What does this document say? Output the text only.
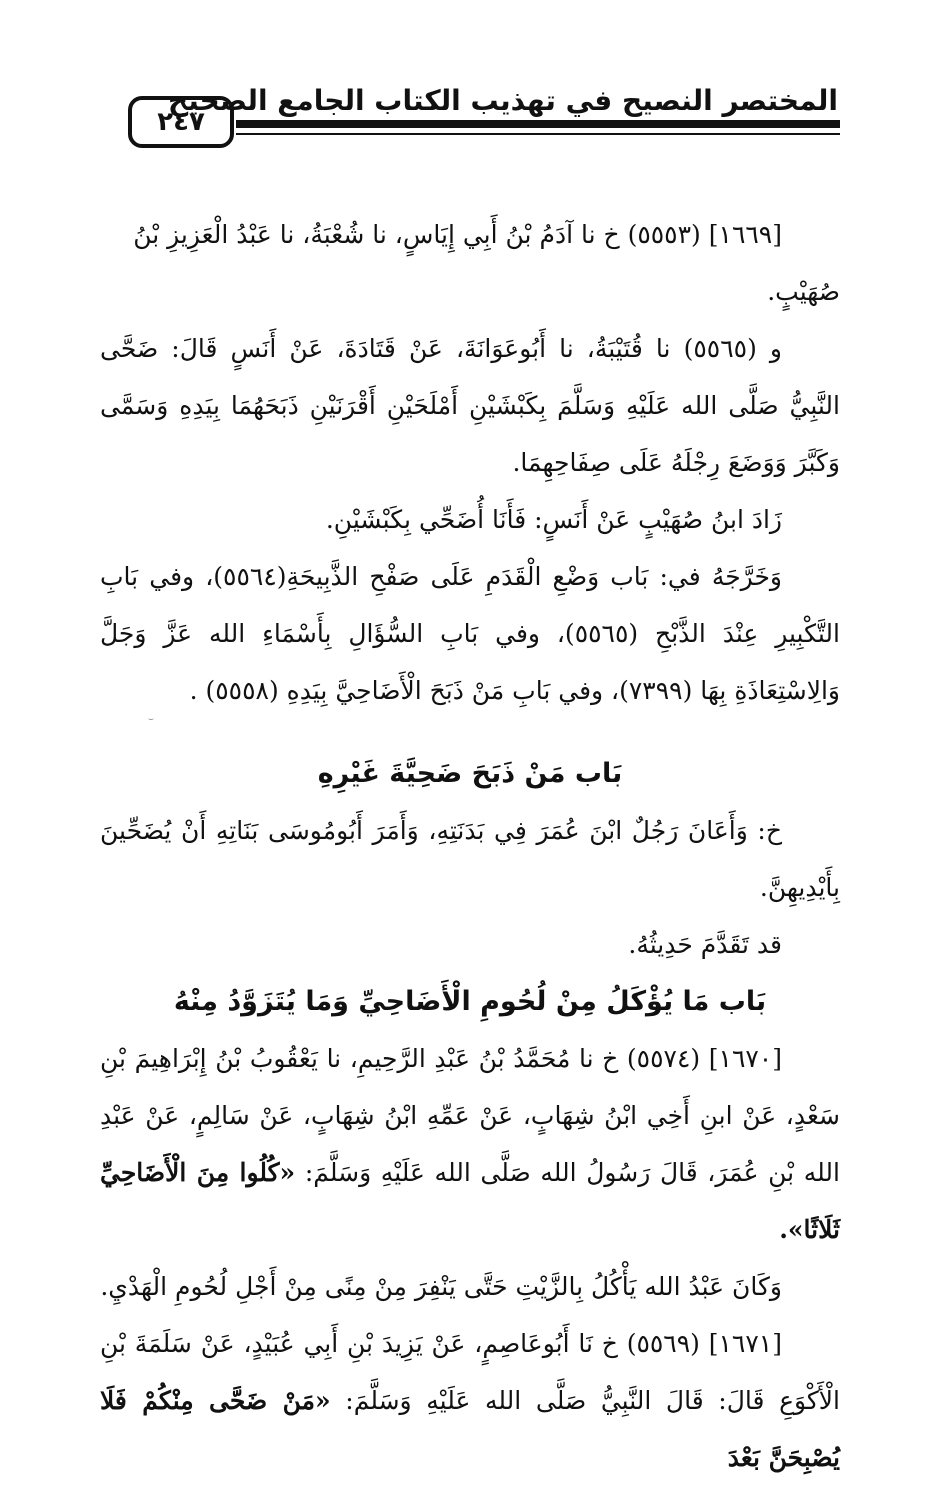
المختصر النصيح في تهذيب الكتاب الجامع الصحيح
٢٤٧

[١٦٦٩] (٥٥٥٣) خ نا آدَمُ بْنُ أَبِي إِيَاسٍ، نا شُعْبَةُ، نا عَبْدُ الْعَزِيزِ بْنُ

صُهَيْبٍ.

و (٥٥٦٥) نا قُتَيْبَةُ، نا أَبُوعَوَانَةَ، عَنْ قَتَادَةَ، عَنْ أَنَسٍ قَالَ: ضَحَّى النَّبِيُّ صَلَّى الله عَلَيْهِ وَسَلَّمَ بِكَبْشَيْنِ أَمْلَحَيْنِ أَقْرَنَيْنِ ذَبَحَهُمَا بِيَدِهِ وَسَمَّى وَكَبَّرَ وَوَضَعَ رِجْلَهُ عَلَى صِفَاحِهِمَا.

زَادَ ابنُ صُهَيْبٍ عَنْ أَنَسٍ: فَأَنَا أُضَحِّي بِكَبْشَيْنِ.

وَخَرَّجَهُ في: بَاب وَضْعِ الْقَدَمِ عَلَى صَفْحِ الذَّبِيحَةِ(٥٥٦٤)، وفي بَابِ التَّكْبِيرِ عِنْدَ الذَّبْحِ (٥٥٦٥)، وفي بَابِ السُّؤَالِ بِأَسْمَاءِ الله عَزَّ وَجَلَّ وَالِاسْتِعَاذَةِ بِهَا (٧٣٩٩)، وفي بَابِ مَنْ ذَبَحَ الْأَضَاحِيَّ بِيَدِهِ (٥٥٥٨) .

بَاب مَنْ ذَبَحَ ضَحِيَّةَ غَيْرِهِ

خ: وَأَعَانَ رَجُلٌ ابْنَ عُمَرَ فِي بَدَنَتِهِ، وَأَمَرَ أَبُومُوسَى بَنَاتِهِ أَنْ يُضَحِّينَ بِأَيْدِيهِنَّ.

قد تَقَدَّمَ حَدِيثُهُ.

بَاب مَا يُؤْكَلُ مِنْ لُحُومِ الْأَضَاحِيِّ وَمَا يُتَزَوَّدُ مِنْهُ

[١٦٧٠] (٥٥٧٤) خ نا مُحَمَّدُ بْنُ عَبْدِ الرَّحِيمِ، نا يَعْقُوبُ بْنُ إِبْرَاهِيمَ بْنِ سَعْدٍ، عَنْ ابنِ أَخِي ابْنُ شِهَابٍ، عَنْ عَمِّهِ ابْنُ شِهَابٍ، عَنْ سَالِمٍ، عَنْ عَبْدِ الله بْنِ عُمَرَ، قَالَ رَسُولُ الله صَلَّى الله عَلَيْهِ وَسَلَّمَ: «كُلُوا مِنَ الْأَضَاحِيِّ ثَلَاثًا».

وَكَانَ عَبْدُ الله يَأْكُلُ بِالزَّيْتِ حَتَّى يَنْفِرَ مِنْ مِنًى مِنْ أَجْلِ لُحُومِ الْهَدْيِ.

[١٦٧١] (٥٥٦٩) خ نَا أَبُوعَاصِمٍ، عَنْ يَزِيدَ بْنِ أَبِي عُبَيْدٍ، عَنْ سَلَمَةَ بْنِ الْأَكْوَعِ قَالَ: قَالَ النَّبِيُّ صَلَّى الله عَلَيْهِ وَسَلَّمَ: «مَنْ ضَحَّى مِنْكُمْ فَلَا يُصْبِحَنَّ بَعْدَ
